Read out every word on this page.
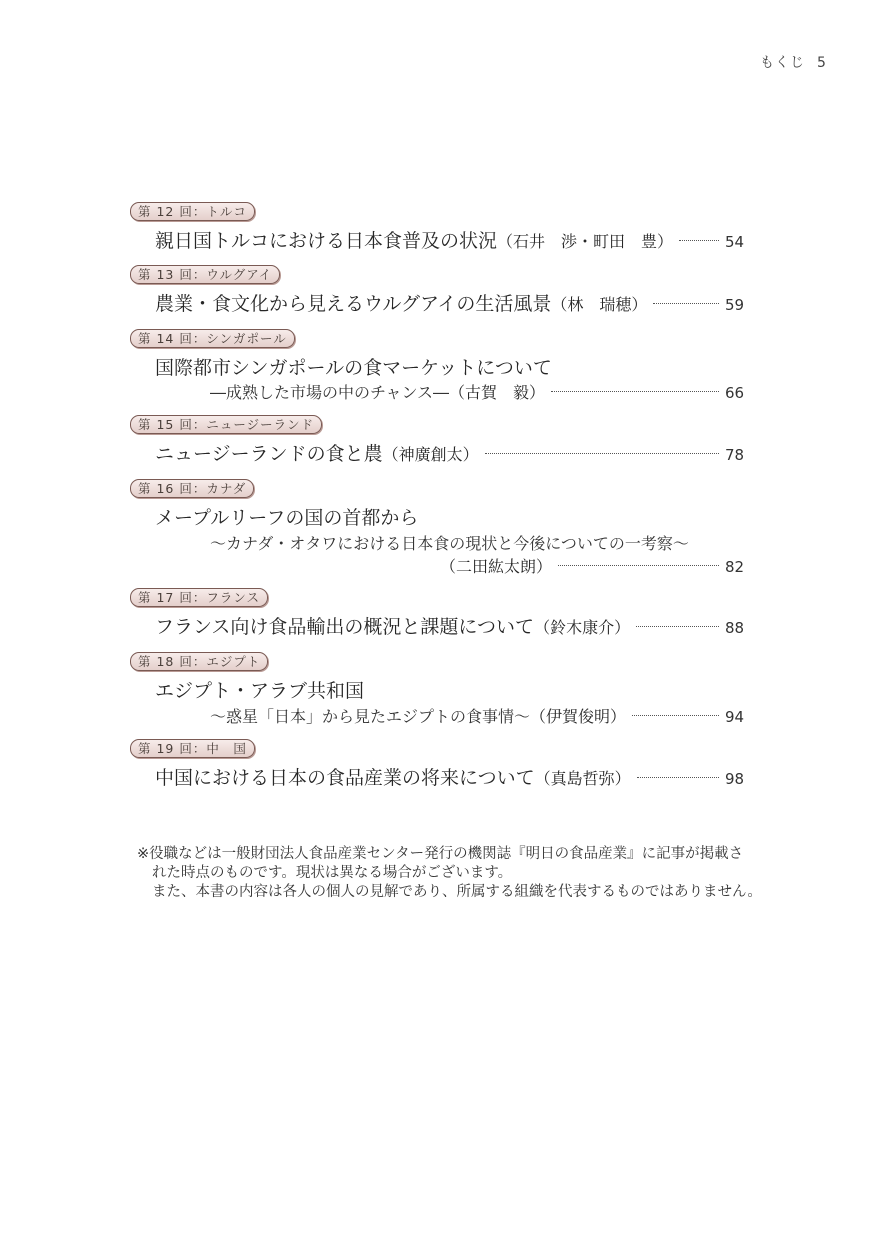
もくじ 5
第 12 回：トルコ
親日国トルコにおける日本食普及の状況 （石井　渉・町田　豊）	54
第 13 回：ウルグアイ
農業・食文化から見えるウルグアイの生活風景 （林　瑞穂）	59
第 14 回：シンガポール
国際都市シンガポールの食マーケットについて
―成熟した市場の中のチャンス― （古賀　毅）	66
第 15 回：ニュージーランド
ニュージーランドの食と農 （神廣創太）	78
第 16 回：カナダ
メープルリーフの国の首都から
～カナダ・オタワにおける日本食の現状と今後についての一考察～
（二田紘太朗）	82
第 17 回：フランス
フランス向け食品輸出の概況と課題について （鈴木康介）	88
第 18 回：エジプト
エジプト・アラブ共和国
～惑星「日本」から見たエジプトの食事情～ （伊賀俊明）	94
第 19 回：中　国
中国における日本の食品産業の将来について （真島哲弥）	98
※役職などは一般財団法人食品産業センター発行の機関誌『明日の食品産業』に記事が掲載さ
れた時点のものです。現状は異なる場合がございます。
また、本書の内容は各人の個人の見解であり、所属する組織を代表するものではありません。
